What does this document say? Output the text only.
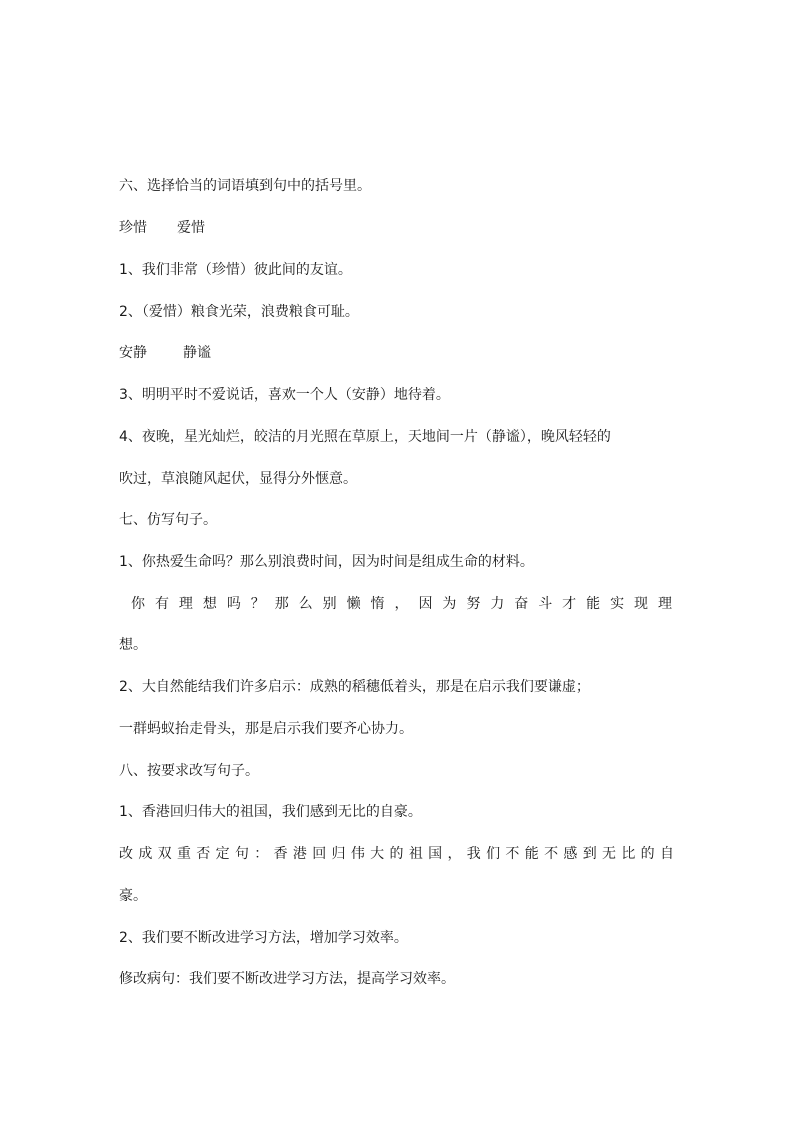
六、选择恰当的词语填到句中的括号里。
珍惜 爱惜
1、我们非常（珍惜）彼此间的友谊。
2、（爱惜）粮食光荣，浪费粮食可耻。
安静	静谧
3、明明平时不爱说话，喜欢一个人（安静）地待着。
4、夜晚，星光灿烂，皎洁的月光照在草原上，天地间一片（静谧），晚风轻轻的
吹过，草浪随风起伏，显得分外惬意。
七、仿写句子。
1、你热爱生命吗？那么别浪费时间，因为时间是组成生命的材料。
你有理想吗？那么别懒惰，因为努力奋斗才能实现理
想。
2、大自然能结我们许多启示：成熟的稻穗低着头，那是在启示我们要谦虚；
一群蚂蚁抬走骨头，那是启示我们要齐心协力。
八、按要求改写句子。
1、香港回归伟大的祖国，我们感到无比的自豪。
改成双重否定句：香港回归伟大的祖国，我们不能不感到无比的自
豪。
2、我们要不断改进学习方法，增加学习效率。
修改病句：我们要不断改进学习方法，提高学习效率。
